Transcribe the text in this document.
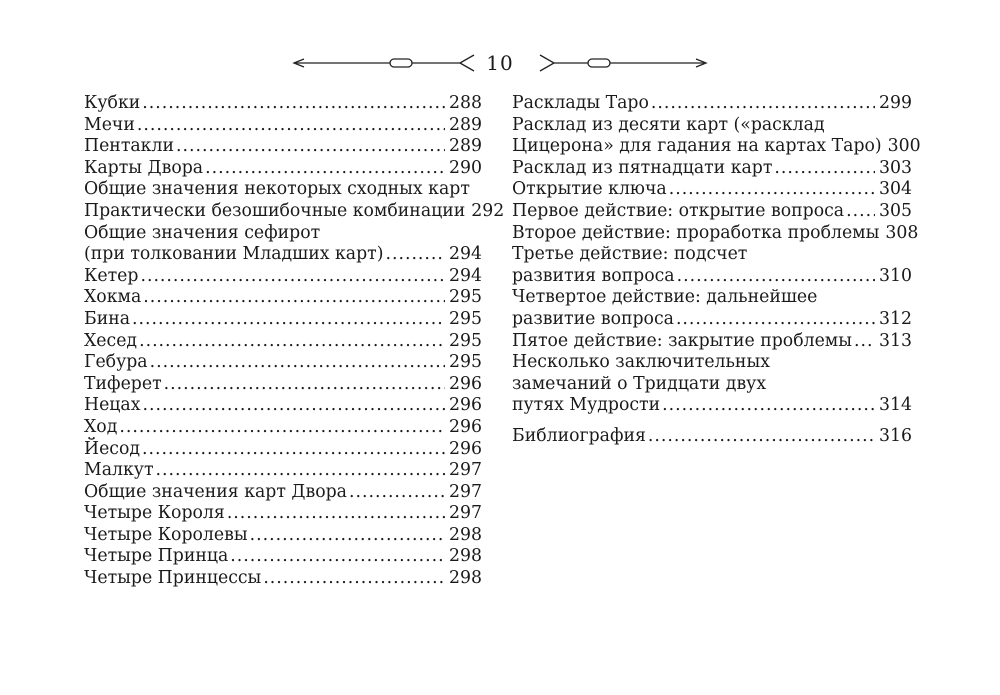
10
Кубки .....	288
Мечи .....	289
Пентакли .....	289
Карты Двора .....	290
Общие значения некоторых сходных карт
Практически безошибочные комбинации 292
Общие значения сефирот
(при толковании Младших карт) .....	294
Кетер .....	294
Хокма .....	295
Бина .....	295
Хесед .....	295
Гебура .....	295
Тиферет .....	296
Нецах .....	296
Ход .....	296
Йесод .....	296
Малкут .....	297
Общие значения карт Двора .....	297
Четыре Короля .....	297
Четыре Королевы .....	298
Четыре Принца .....	298
Четыре Принцессы .....	298
Расклады Таро .....	299
Расклад из десяти карт («расклад
Цицерона» для гадания на картах Таро) 300
Расклад из пятнадцати карт .....	303
Открытие ключа .....	304
Первое действие: открытие вопроса ..... 305
Второе действие: проработка проблемы 308
Третье действие: подсчет
развития вопроса .....	310
Четвертое действие: дальнейшее
развитие вопроса .....	312
Пятое действие: закрытие проблемы ..... 313
Несколько заключительных
замечаний о Тридцати двух
путях Мудрости .....	314
Библиография .....	316
